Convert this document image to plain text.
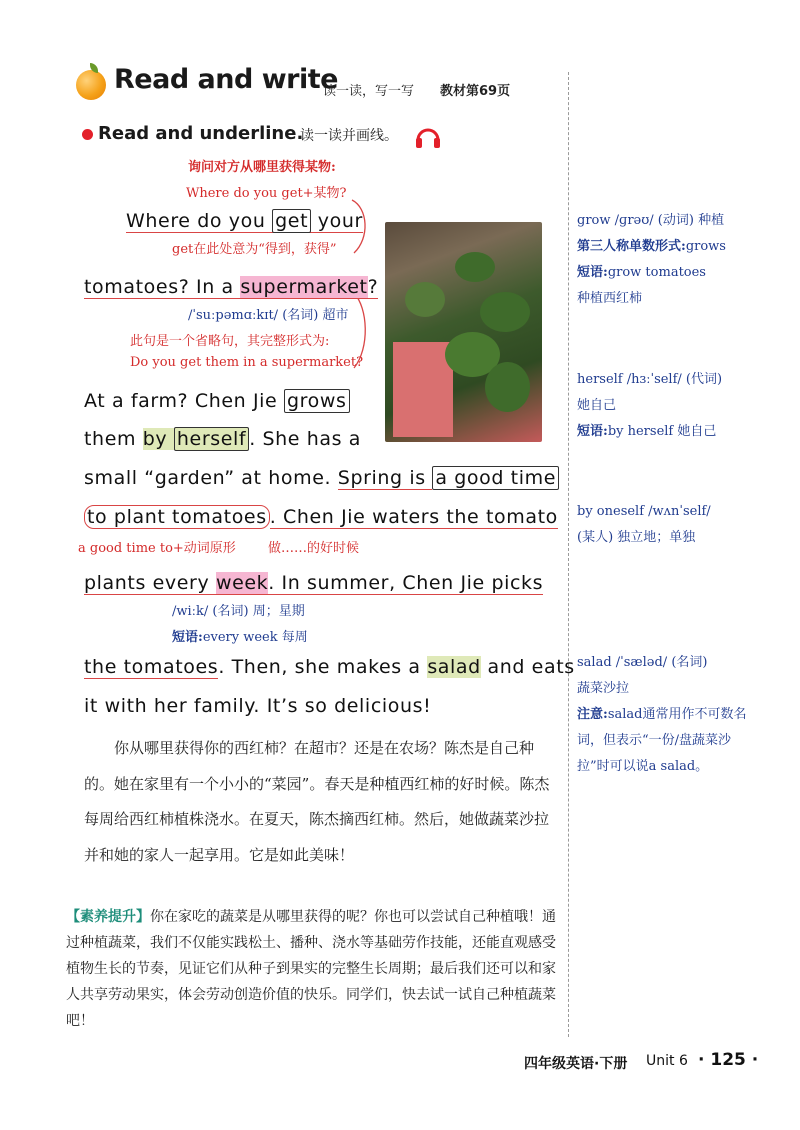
Read and write
读一读，写一写 教材第69页
Read and underline.
读一读并画线。
询问对方从哪里获得某物:
Where do you get+某物?
Where do you get your
get在此处意为“得到，获得”
tomatoes? In a supermarket?
/ˈsuːpəmɑːkɪt/ (名词) 超市
此句是一个省略句，其完整形式为:
Do you get them in a supermarket?
At a farm? Chen Jie grows
them by herself . She has a
small “garden” at home. Spring is a good time
to plant tomatoes . Chen Jie waters the tomato
a good time to+动词原形 做……的好时候
plants every week. In summer, Chen Jie picks
/wiːk/ (名词) 周；星期
短语:every week 每周
the tomatoes. Then, she makes a salad and eats
it with her family. It’s so delicious!

你从哪里获得你的西红柿？在超市？还是在农场？陈杰是自己种的。她在家里有一个小小的“菜园”。春天是种植西红柿的好时候。陈杰每周给西红柿植株浇水。在夏天，陈杰摘西红柿。然后，她做蔬菜沙拉并和她的家人一起享用。它是如此美味！

【素养提升】你在家吃的蔬菜是从哪里获得的呢？你也可以尝试自己种植哦！通过种植蔬菜，我们不仅能实践松土、播种、浇水等基础劳作技能，还能直观感受植物生长的节奏，见证它们从种子到果实的完整生长周期；最后我们还可以和家人共享劳动果实，体会劳动创造价值的快乐。同学们，快去试一试自己种植蔬菜吧！

grow /ɡrəʊ/ (动词) 种植
第三人称单数形式:grows
短语:grow tomatoes
种植西红柿
herself /hɜːˈself/ (代词)
她自己
短语:by herself 她自己
by oneself /wʌnˈself/
(某人) 独立地；单独
salad /ˈsæləd/ (名词)
蔬菜沙拉
注意:salad通常用作不可数名词，但表示“一份/盘蔬菜沙拉”时可以说a salad。
四年级英语·下册 Unit 6 · 125 ·
